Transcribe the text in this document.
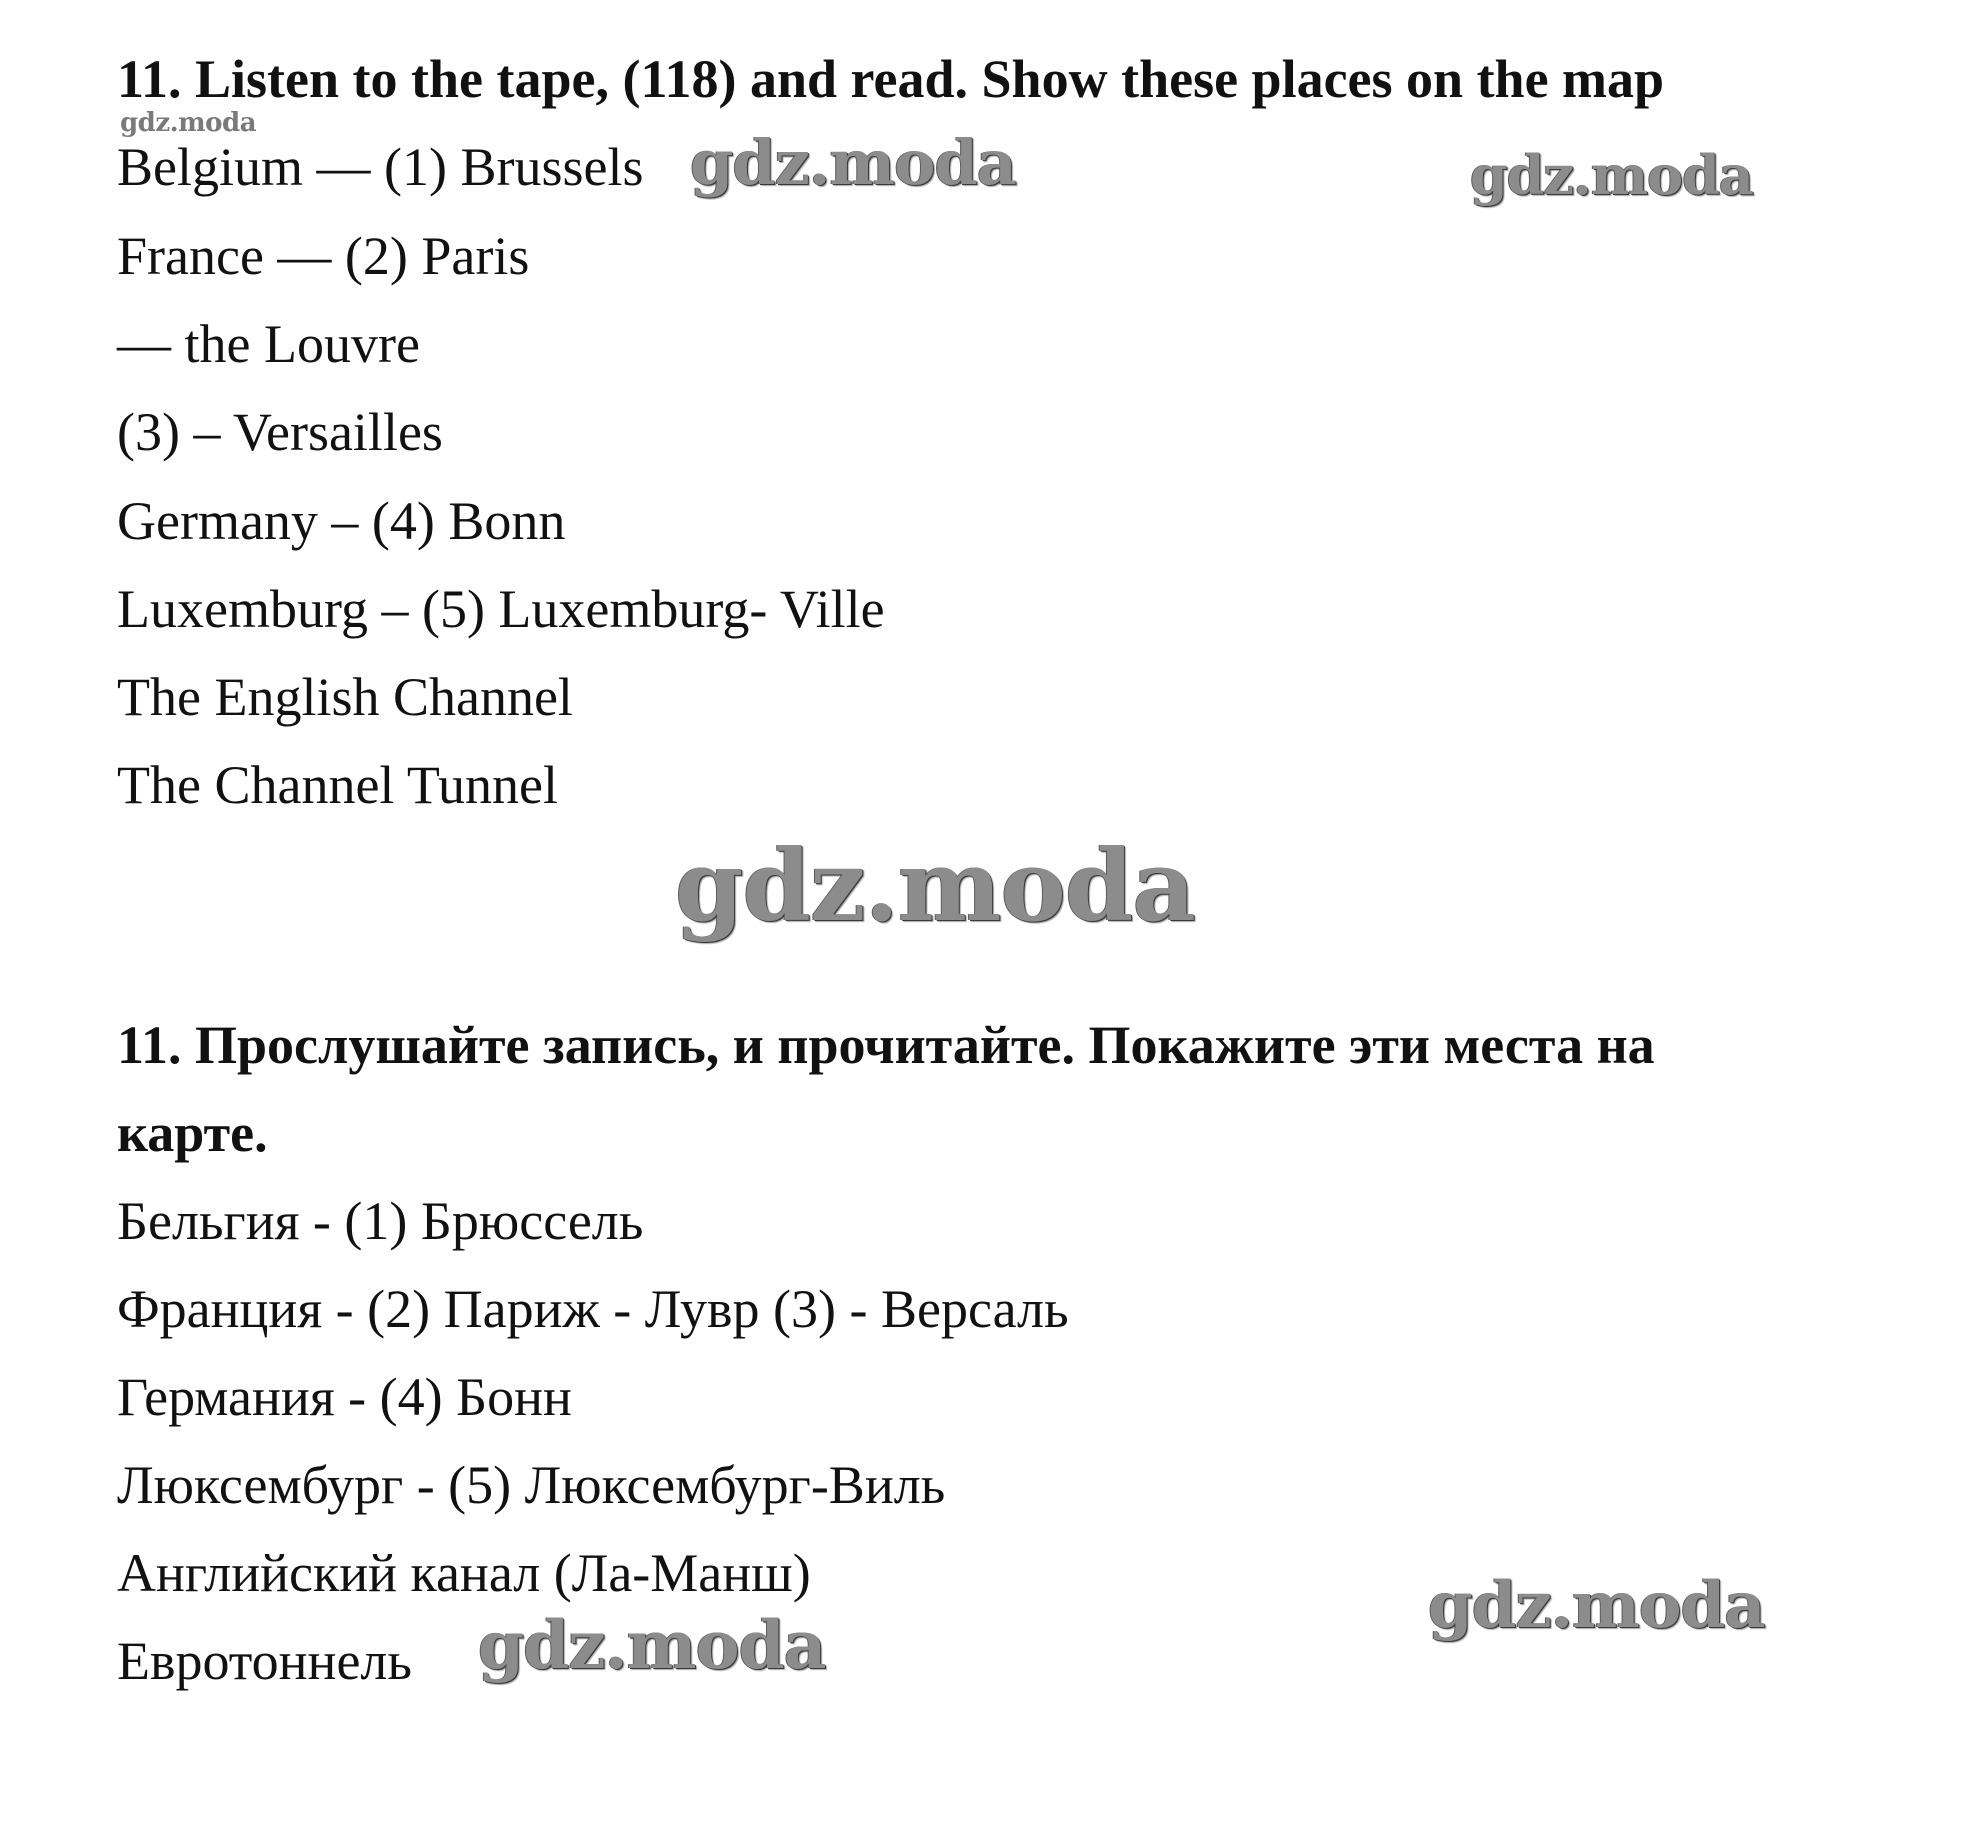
11. Listen to the tape, (118) and read. Show these places on the map
gdz.moda
Belgium — (1) Brussels
France — (2) Paris
— the Louvre
(3) – Versailles
Germany – (4) Bonn
Luxemburg – (5) Luxemburg- Ville
The English Channel
The Channel Tunnel
11. Прослушайте запись, и прочитайте. Покажите эти места на
карте.
Бельгия - (1) Брюссель
Франция - (2) Париж - Лувр (3) - Версаль
Германия - (4) Бонн
Люксембург - (5) Люксембург-Виль
Английский канал (Ла-Манш)
Евротоннель
gdz.moda	gdz.moda
gdz.moda
gdz.moda
gdz.moda
